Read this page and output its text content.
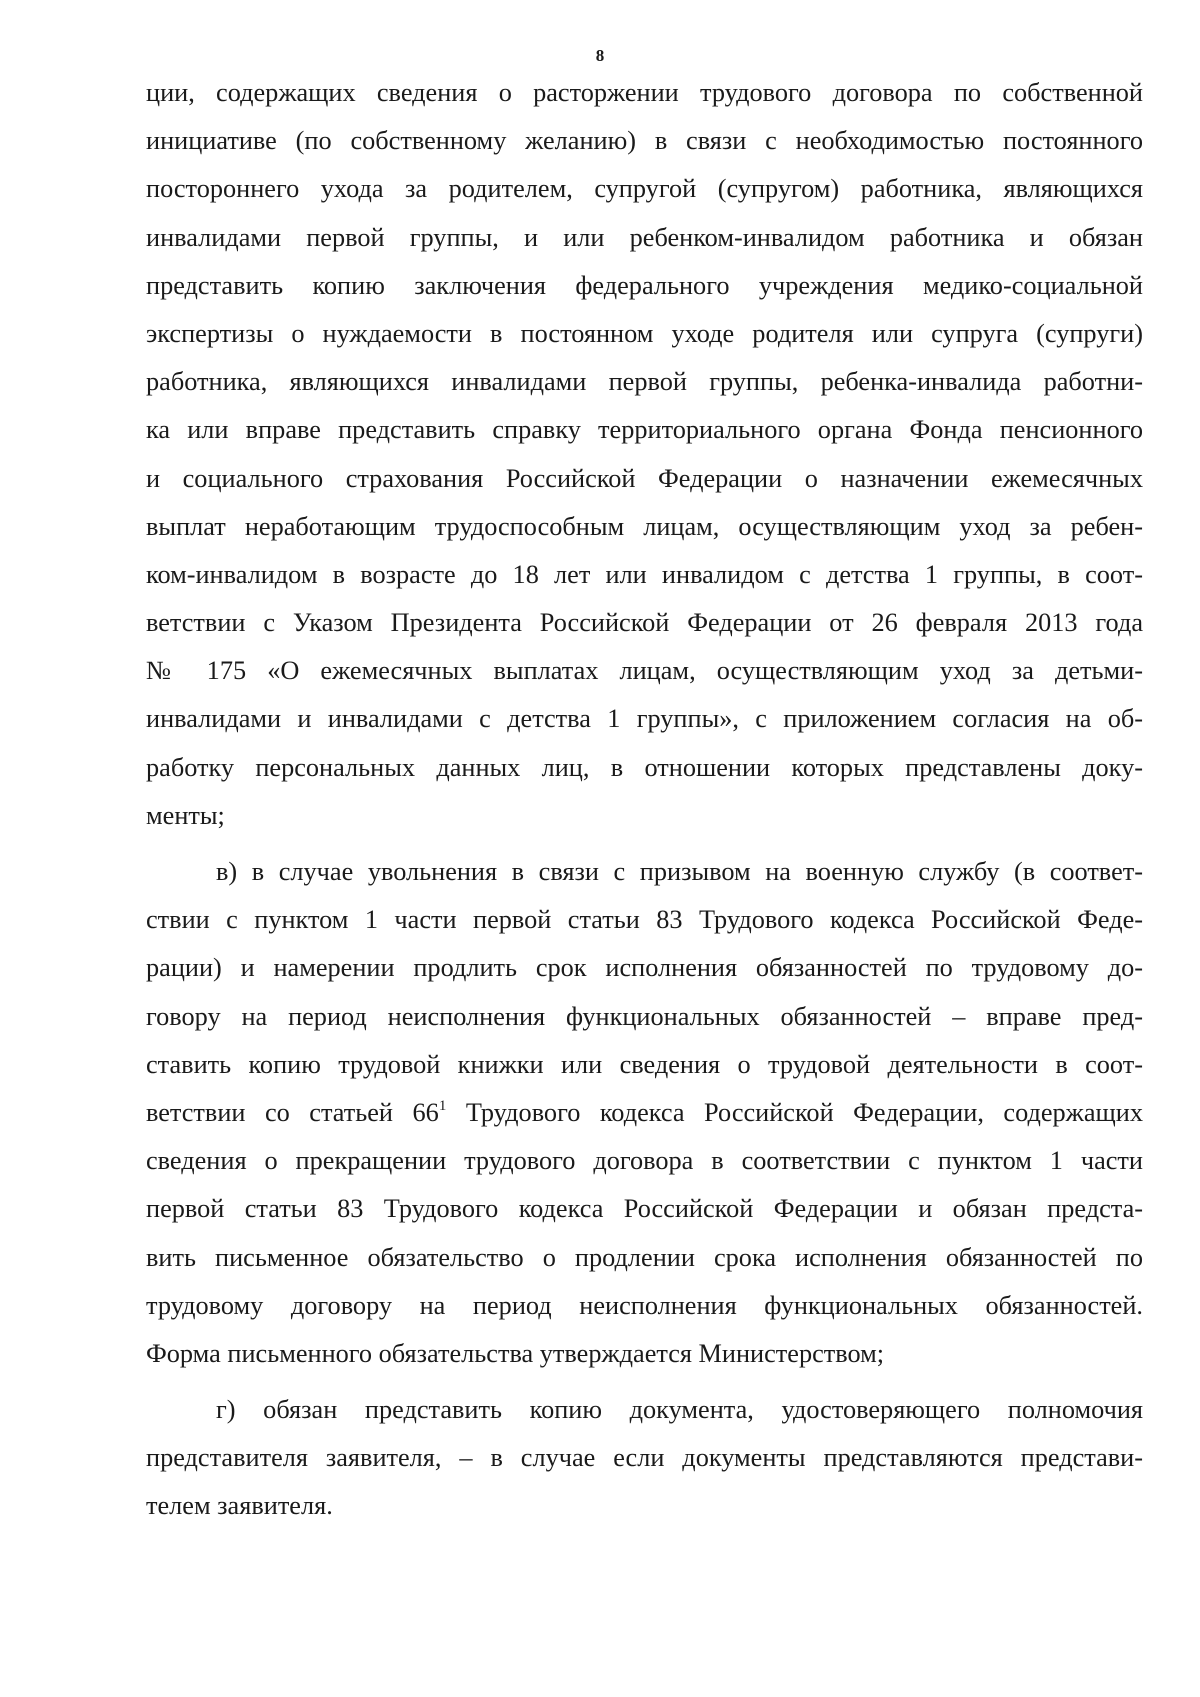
8
ции, содержащих сведения о расторжении трудового договора по собственной
инициативе (по собственному желанию) в связи с необходимостью постоянного
постороннего ухода за родителем, супругой (супругом) работника, являющихся
инвалидами первой группы, и или ребенком-инвалидом работника и обязан
представить копию заключения федерального учреждения медико-социальной
экспертизы о нуждаемости в постоянном уходе родителя или супруга (супруги)
работника, являющихся инвалидами первой группы, ребенка-инвалида работни-
ка или вправе представить справку территориального органа Фонда пенсионного
и социального страхования Российской Федерации о назначении ежемесячных
выплат неработающим трудоспособным лицам, осуществляющим уход за ребен-
ком-инвалидом в возрасте до 18 лет или инвалидом с детства 1 группы, в соот-
ветствии с Указом Президента Российской Федерации от 26 февраля 2013 года
№ 175 «О ежемесячных выплатах лицам, осуществляющим уход за детьми-
инвалидами и инвалидами с детства 1 группы», с приложением согласия на об-
работку персональных данных лиц, в отношении которых представлены доку-
менты;
в) в случае увольнения в связи с призывом на военную службу (в соответ-
ствии с пунктом 1 части первой статьи 83 Трудового кодекса Российской Феде-
рации) и намерении продлить срок исполнения обязанностей по трудовому до-
говору на период неисполнения функциональных обязанностей – вправе пред-
ставить копию трудовой книжки или сведения о трудовой деятельности в соот-
ветствии со статьей $66^1$ Трудового кодекса Российской Федерации, содержащих
сведения о прекращении трудового договора в соответствии с пунктом 1 части
первой статьи 83 Трудового кодекса Российской Федерации и обязан предста-
вить письменное обязательство о продлении срока исполнения обязанностей по
трудовому договору на период неисполнения функциональных обязанностей.
Форма письменного обязательства утверждается Министерством;
г) обязан представить копию документа, удостоверяющего полномочия
представителя заявителя, – в случае если документы представляются представи-
телем заявителя.
